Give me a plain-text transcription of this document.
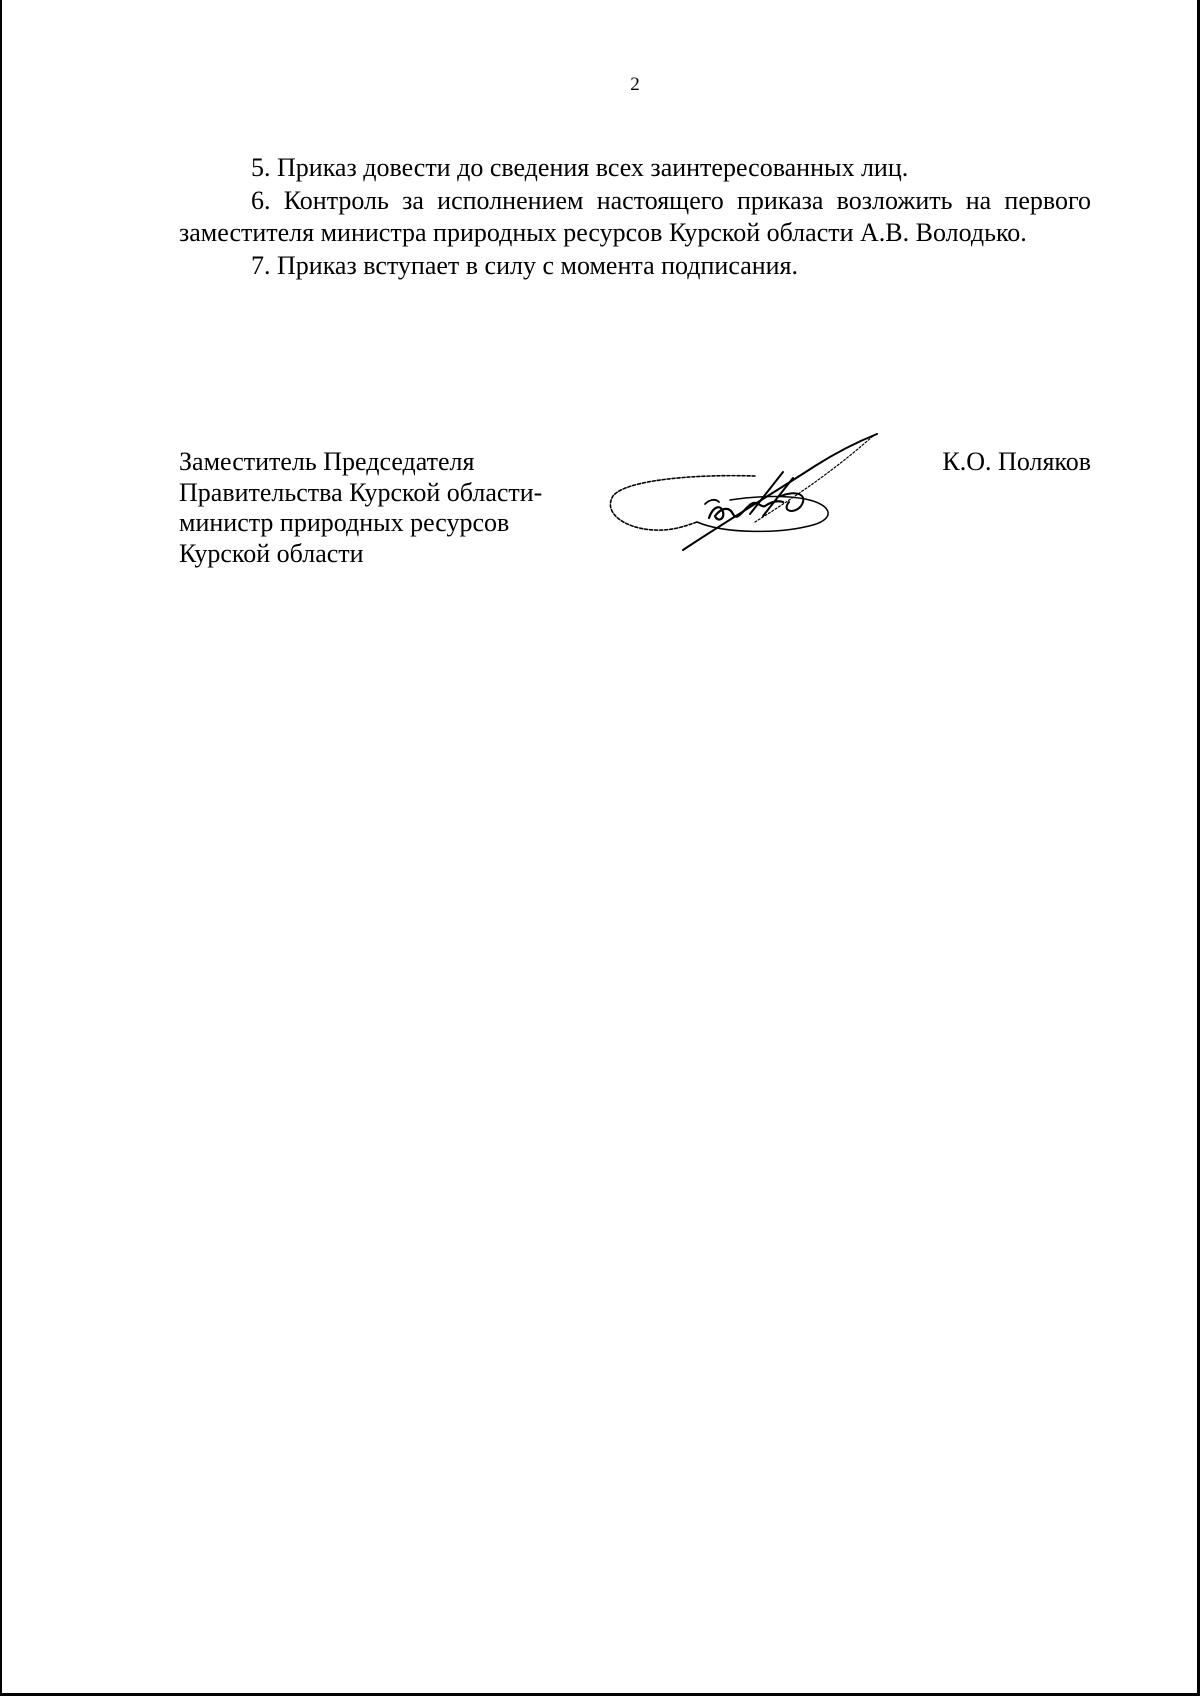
2

5. Приказ довести до сведения всех заинтересованных лиц.

6. Контроль за исполнением настоящего приказа возложить на первого заместителя министра природных ресурсов Курской области А.В. Володько.

7. Приказ вступает в силу с момента подписания.

Заместитель Председателя
Правительства Курской области-
министр природных ресурсов
Курской области
К.О. Поляков
